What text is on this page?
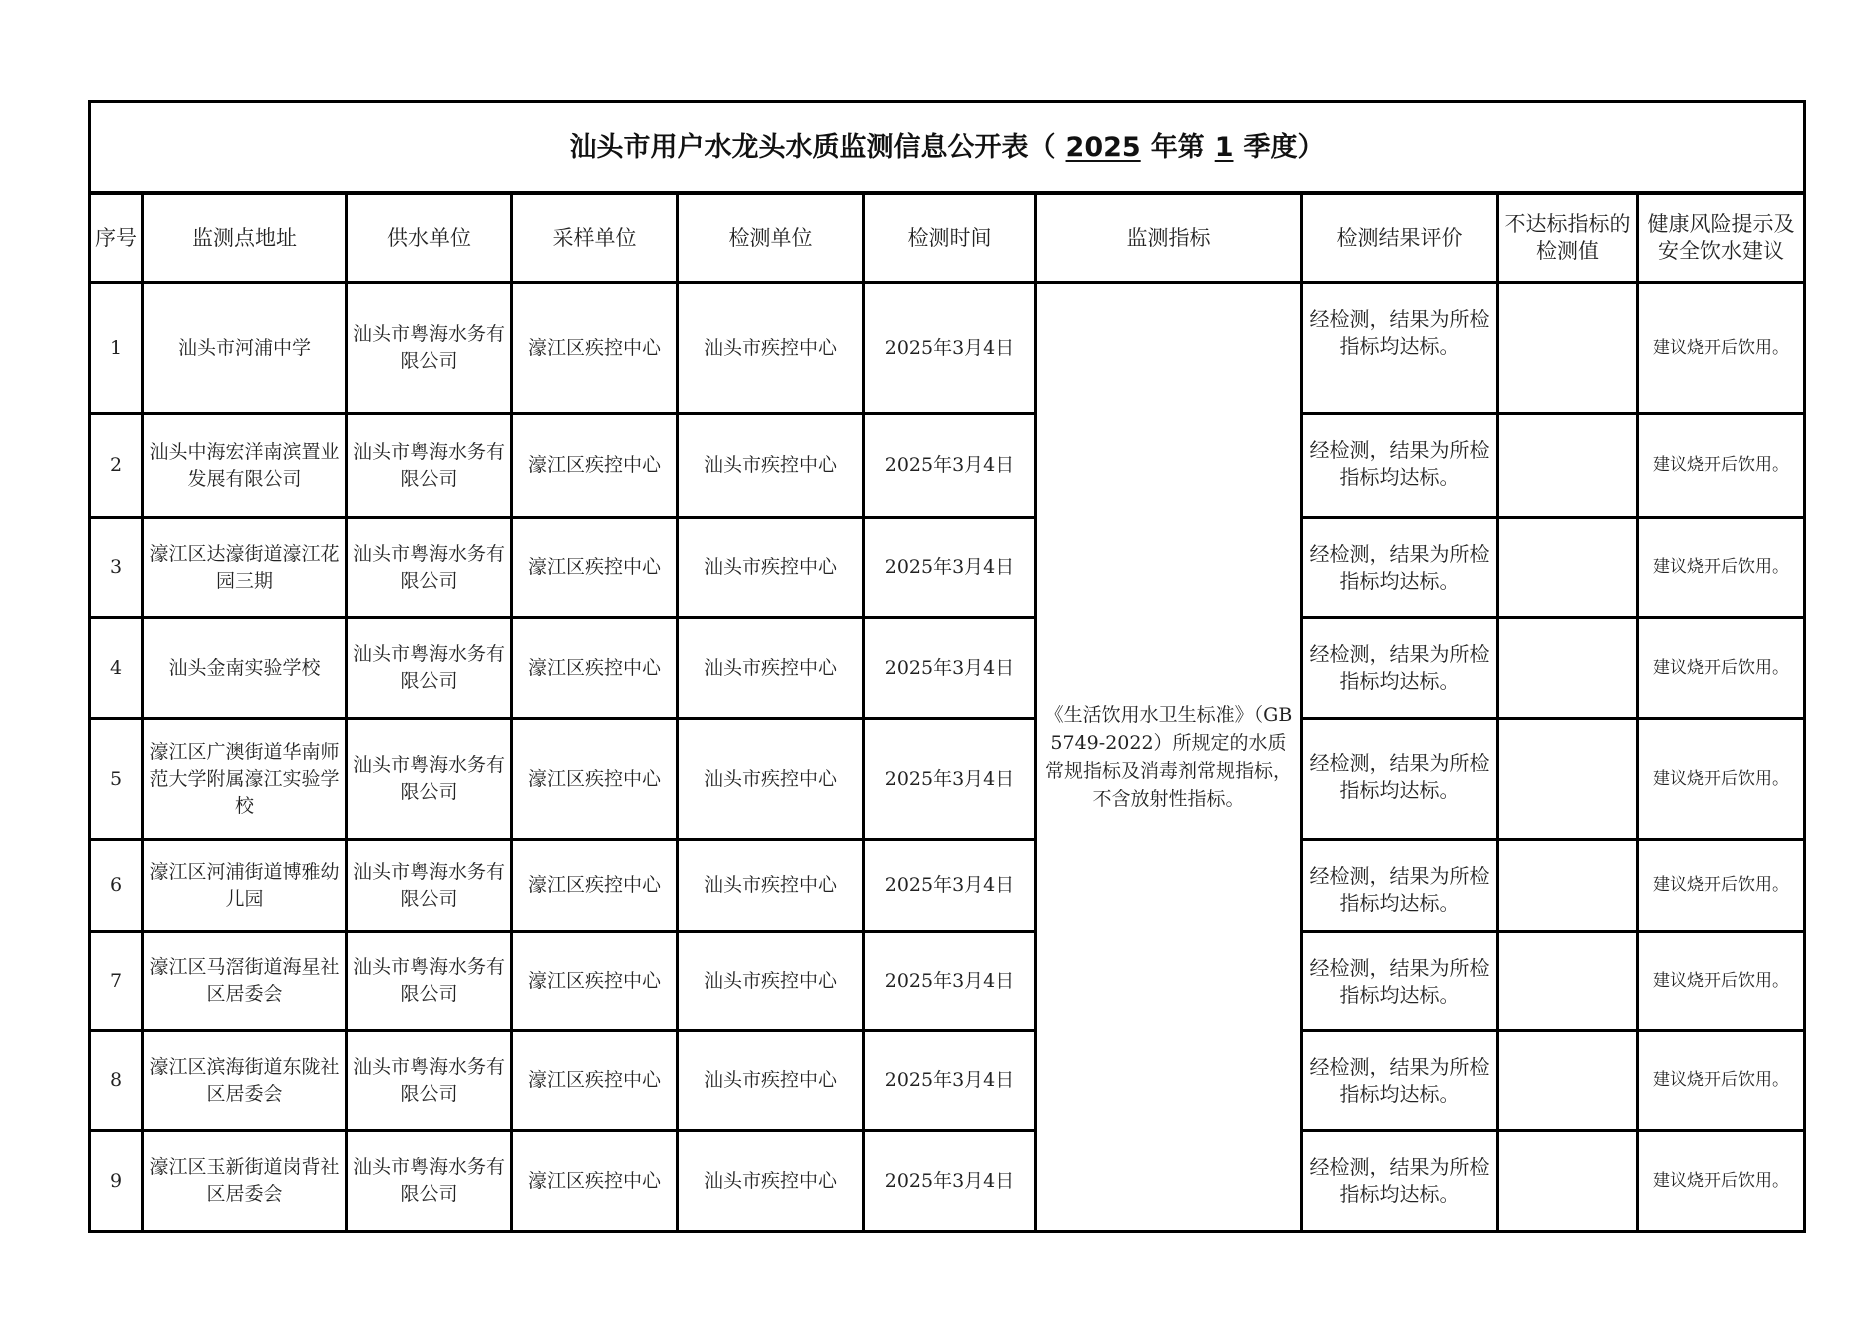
汕头市用户水龙头水质监测信息公开表（ 2025 年第 1 季度）									
序号	监测点地址	供水单位	采样单位	检测单位	检测时间	监测指标	检测结果评价	不达标指标的检测值	健康风险提示及安全饮水建议
1	汕头市河浦中学	汕头市粤海水务有限公司	濠江区疾控中心	汕头市疾控中心	2025年3月4日	《生活饮用水卫生标准》（GB5749-2022）所规定的水质常规指标及消毒剂常规指标，不含放射性指标。	经检测，结果为所检指标均达标。		建议烧开后饮用。
2	汕头中海宏洋南滨置业发展有限公司	汕头市粤海水务有限公司	濠江区疾控中心	汕头市疾控中心	2025年3月4日		经检测，结果为所检指标均达标。		建议烧开后饮用。
3	濠江区达濠街道濠江花园三期	汕头市粤海水务有限公司	濠江区疾控中心	汕头市疾控中心	2025年3月4日		经检测，结果为所检指标均达标。		建议烧开后饮用。
4	汕头金南实验学校	汕头市粤海水务有限公司	濠江区疾控中心	汕头市疾控中心	2025年3月4日		经检测，结果为所检指标均达标。		建议烧开后饮用。
5	濠江区广澳街道华南师范大学附属濠江实验学校	汕头市粤海水务有限公司	濠江区疾控中心	汕头市疾控中心	2025年3月4日		经检测，结果为所检指标均达标。		建议烧开后饮用。
6	濠江区河浦街道博雅幼儿园	汕头市粤海水务有限公司	濠江区疾控中心	汕头市疾控中心	2025年3月4日		经检测，结果为所检指标均达标。		建议烧开后饮用。
7	濠江区马滘街道海星社区居委会	汕头市粤海水务有限公司	濠江区疾控中心	汕头市疾控中心	2025年3月4日		经检测，结果为所检指标均达标。		建议烧开后饮用。
8	濠江区滨海街道东陇社区居委会	汕头市粤海水务有限公司	濠江区疾控中心	汕头市疾控中心	2025年3月4日		经检测，结果为所检指标均达标。		建议烧开后饮用。
9	濠江区玉新街道岗背社区居委会	汕头市粤海水务有限公司	濠江区疾控中心	汕头市疾控中心	2025年3月4日		经检测，结果为所检指标均达标。		建议烧开后饮用。
